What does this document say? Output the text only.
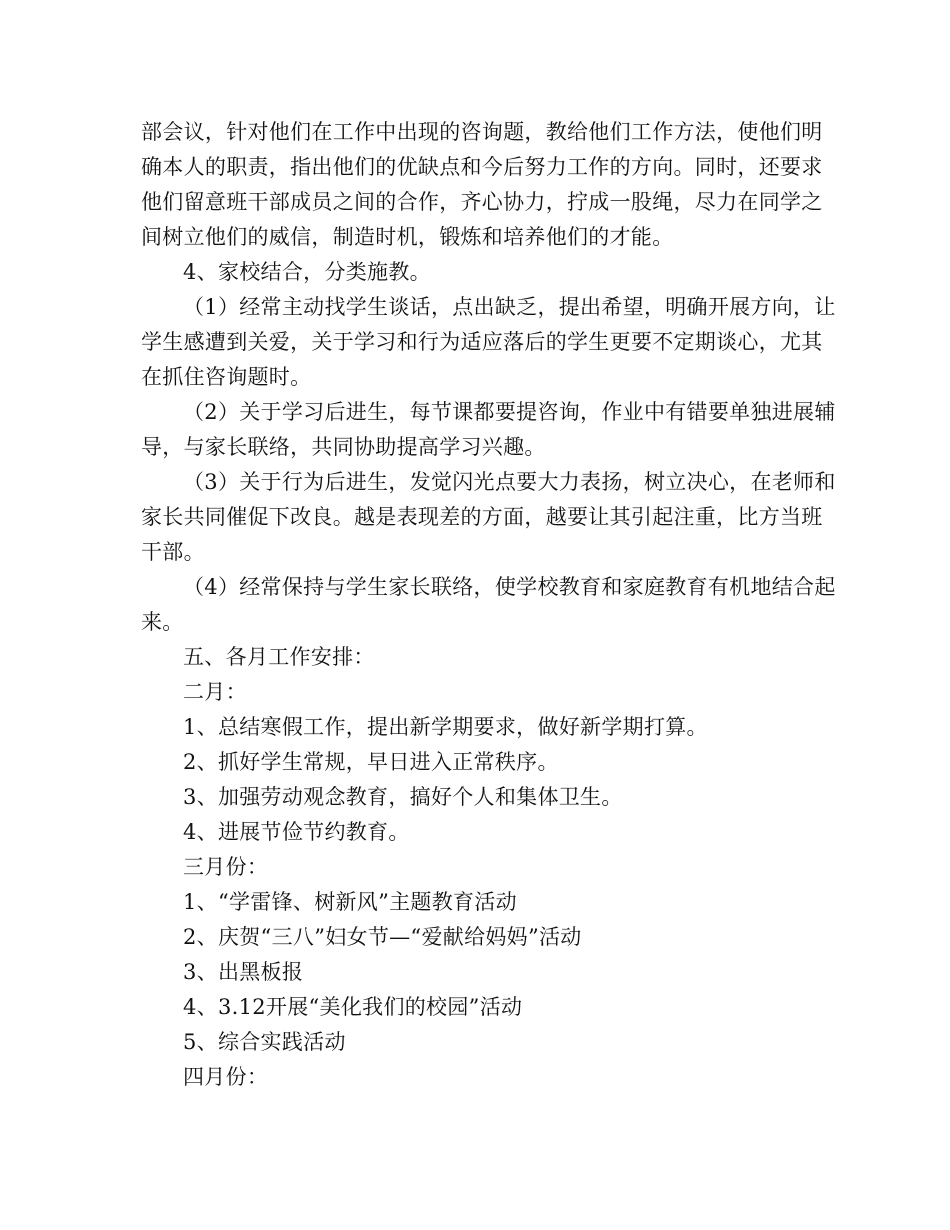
部会议，针对他们在工作中出现的咨询题，教给他们工作方法，使他们明确本人的职责，指出他们的优缺点和今后努力工作的方向。同时，还要求他们留意班干部成员之间的合作，齐心协力，拧成一股绳，尽力在同学之间树立他们的威信，制造时机，锻炼和培养他们的才能。

4、家校结合，分类施教。

（1）经常主动找学生谈话，点出缺乏，提出希望，明确开展方向，让学生感遭到关爱，关于学习和行为适应落后的学生更要不定期谈心，尤其在抓住咨询题时。

（2）关于学习后进生，每节课都要提咨询，作业中有错要单独进展辅导，与家长联络，共同协助提高学习兴趣。

（3）关于行为后进生，发觉闪光点要大力表扬，树立决心，在老师和家长共同催促下改良。越是表现差的方面，越要让其引起注重，比方当班干部。

（4）经常保持与学生家长联络，使学校教育和家庭教育有机地结合起来。

五、各月工作安排：

二月：

1、总结寒假工作，提出新学期要求，做好新学期打算。

2、抓好学生常规，早日进入正常秩序。

3、加强劳动观念教育，搞好个人和集体卫生。

4、进展节俭节约教育。

三月份：

1、“学雷锋、树新风”主题教育活动

2、庆贺“三八”妇女节—“爱献给妈妈”活动

3、出黑板报

4、3.12开展“美化我们的校园”活动

5、综合实践活动

四月份：
